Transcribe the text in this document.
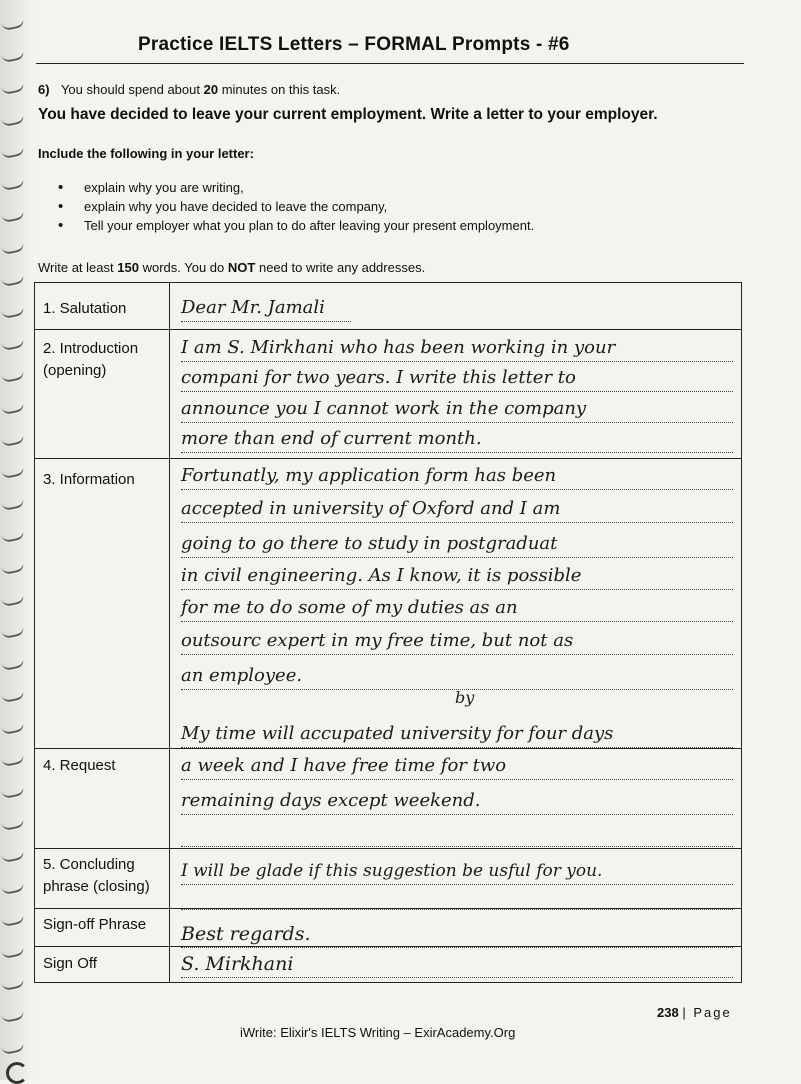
Practice IELTS Letters – FORMAL Prompts - #6
6) You should spend about 20 minutes on this task.
You have decided to leave your current employment. Write a letter to your employer.
Include the following in your letter:
• explain why you are writing,
• explain why you have decided to leave the company,
• Tell your employer what you plan to do after leaving your present employment.
Write at least 150 words. You do NOT need to write any addresses.
1. Salutation
2. Introduction (opening)
3. Information
4. Request
5. Concluding phrase (closing)
Sign-off Phrase
Sign Off
Dear Mr. Jamali
I am S. Mirkhani who has been working in your
compani for two years. I write this letter to
announce you I cannot work in the company
more than end of current month.
Fortunatly, my application form has been
accepted in university of Oxford and I am
going to go there to study in postgraduat
in civil engineering. As I know, it is possible
for me to do some of my duties as an
outsourc expert in my free time, but not as
an employee.
by
My time will accupated university for four days
a week and I have free time for two
remaining days except weekend.
I will be glade if this suggestion be usful for you.
Best regards.
S. Mirkhani
238 | Page
iWrite: Elixir's IELTS Writing – ExirAcademy.Org
